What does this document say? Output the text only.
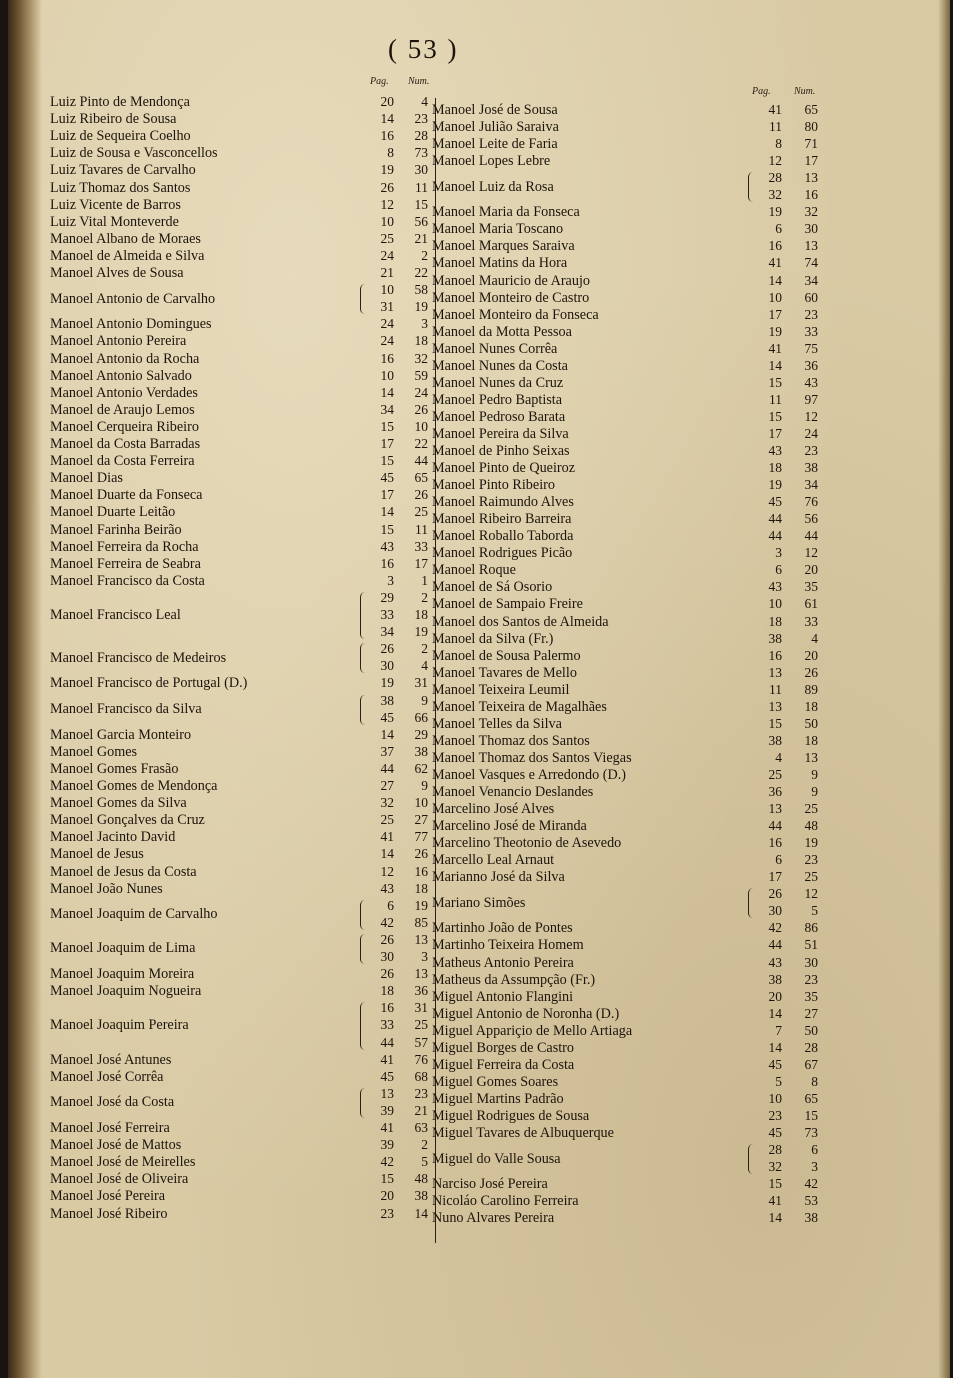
( 53 )
Pag. Num.
Pag. Num.
Luiz Pinto de Mendonça	20 4
Luiz Ribeiro de Sousa	14 23
Luiz de Sequeira Coelho	16 28
Luiz de Sousa e Vasconcellos	8 73
Luiz Tavares de Carvalho	19 30
Luiz Thomaz dos Santos	26 11
Luiz Vicente de Barros	12 15
Luiz Vital Monteverde	10 56
Manoel Albano de Moraes	25 21
Manoel de Almeida e Silva	24 2
Manoel Alves de Sousa	21 22
Manoel Antonio de Carvalho
10 58
31 19
Manoel Antonio Domingues	24 3
Manoel Antonio Pereira	24 18
Manoel Antonio da Rocha	16 32
Manoel Antonio Salvado	10 59
Manoel Antonio Verdades	14 24
Manoel de Araujo Lemos	34 26
Manoel Cerqueira Ribeiro	15 10
Manoel da Costa Barradas	17 22
Manoel da Costa Ferreira	15 44
Manoel Dias	45 65
Manoel Duarte da Fonseca	17 26
Manoel Duarte Leitão	14 25
Manoel Farinha Beirão	15 11
Manoel Ferreira da Rocha	43 33
Manoel Ferreira de Seabra	16 17
Manoel Francisco da Costa	3 1
Manoel Francisco Leal
29 2
33 18
34 19
Manoel Francisco de Medeiros
26 2
30 4
Manoel Francisco de Portugal (D.)	19 31
Manoel Francisco da Silva
38 9
45 66
Manoel Garcia Monteiro	14 29
Manoel Gomes	37 38
Manoel Gomes Frasão	44 62
Manoel Gomes de Mendonça	27 9
Manoel Gomes da Silva	32 10
Manoel Gonçalves da Cruz	25 27
Manoel Jacinto David	41 77
Manoel de Jesus	14 26
Manoel de Jesus da Costa	12 16
Manoel João Nunes	43 18
Manoel Joaquim de Carvalho
6 19
42 85
Manoel Joaquim de Lima
26 13
30 3
Manoel Joaquim Moreira	26 13
Manoel Joaquim Nogueira	18 36
Manoel Joaquim Pereira
16 31
33 25
44 57
Manoel José Antunes	41 76
Manoel José Corrêa	45 68
Manoel José da Costa
13 23
39 21
Manoel José Ferreira	41 63
Manoel José de Mattos	39 2
Manoel José de Meirelles	42 5
Manoel José de Oliveira	15 48
Manoel José Pereira	20 38
Manoel José Ribeiro	23 14
Manoel José de Sousa	41 65
Manoel Julião Saraiva	11 80
Manoel Leite de Faria	8 71
Manoel Lopes Lebre	12 17
Manoel Luiz da Rosa
28 13
32 16
Manoel Maria da Fonseca	19 32
Manoel Maria Toscano	6 30
Manoel Marques Saraiva	16 13
Manoel Matins da Hora	41 74
Manoel Mauricio de Araujo	14 34
Manoel Monteiro de Castro	10 60
Manoel Monteiro da Fonseca	17 23
Manoel da Motta Pessoa	19 33
Manoel Nunes Corrêa	41 75
Manoel Nunes da Costa	14 36
Manoel Nunes da Cruz	15 43
Manoel Pedro Baptista	11 97
Manoel Pedroso Barata	15 12
Manoel Pereira da Silva	17 24
Manoel de Pinho Seixas	43 23
Manoel Pinto de Queiroz	18 38
Manoel Pinto Ribeiro	19 34
Manoel Raimundo Alves	45 76
Manoel Ribeiro Barreira	44 56
Manoel Roballo Taborda	44 44
Manoel Rodrigues Picão	3 12
Manoel Roque	6 20
Manoel de Sá Osorio	43 35
Manoel de Sampaio Freire	10 61
Manoel dos Santos de Almeida	18 33
Manoel da Silva (Fr.)	38 4
Manoel de Sousa Palermo	16 20
Manoel Tavares de Mello	13 26
Manoel Teixeira Leumil	11 89
Manoel Teixeira de Magalhães	13 18
Manoel Telles da Silva	15 50
Manoel Thomaz dos Santos	38 18
Manoel Thomaz dos Santos Viegas	4 13
Manoel Vasques e Arredondo (D.)	25 9
Manoel Venancio Deslandes	36 9
Marcelino José Alves	13 25
Marcelino José de Miranda	44 48
Marcelino Theotonio de Asevedo	16 19
Marcello Leal Arnaut	6 23
Marianno José da Silva	17 25
Mariano Simões
26 12
30 5
Martinho João de Pontes	42 86
Martinho Teixeira Homem	44 51
Matheus Antonio Pereira	43 30
Matheus da Assumpção (Fr.)	38 23
Miguel Antonio Flangini	20 35
Miguel Antonio de Noronha (D.)	14 27
Miguel Appariçio de Mello Artiaga	7 50
Miguel Borges de Castro	14 28
Miguel Ferreira da Costa	45 67
Miguel Gomes Soares	5 8
Miguel Martins Padrão	10 65
Miguel Rodrigues de Sousa	23 15
Miguel Tavares de Albuquerque	45 73
Miguel do Valle Sousa
28 6
32 3
Narciso José Pereira	15 42
Nicoláo Carolino Ferreira	41 53
Nuno Alvares Pereira	14 38
